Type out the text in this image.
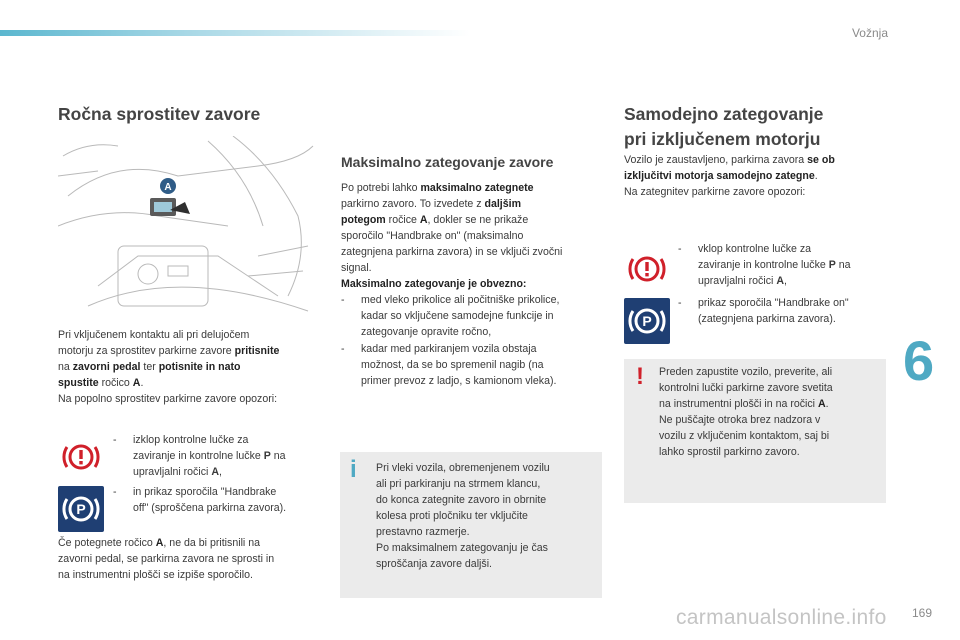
Vožnja
6
169
carmanualsonline.info
Ročna sprostitev zavore
A
Pri vključenem kontaktu ali pri delujočem
motorju za sprostitev parkirne zavore pritisnite
na zavorni pedal ter potisnite in nato
spustite ročico A.
Na popolno sprostitev parkirne zavore opozori:
- izklop kontrolne lučke za
zaviranje in kontrolne lučke P na
upravljalni ročici A,
P
- in prikaz sporočila "Handbrake
off" (sproščena parkirna zavora).
Če potegnete ročico A, ne da bi pritisnili na
zavorni pedal, se parkirna zavora ne sprosti in
na instrumentni plošči se izpiše sporočilo.
Maksimalno zategovanje zavore
Po potrebi lahko maksimalno zategnete
parkirno zavoro. To izvedete z daljšim
potegom ročice A, dokler se ne prikaže
sporočilo "Handbrake on" (maksimalno
zategnjena parkirna zavora) in se vključi zvočni
signal.
Maksimalno zategovanje je obvezno:
- med vleko prikolice ali počitniške prikolice,
kadar so vključene samodejne funkcije in
zategovanje opravite ročno,
- kadar med parkiranjem vozila obstaja
možnost, da se bo spremenil nagib (na
primer prevoz z ladjo, s kamionom vleka).
i Pri vleki vozila, obremenjenem vozilu
ali pri parkiranju na strmem klancu,
do konca zategnite zavoro in obrnite
kolesa proti pločniku ter vključite
prestavno razmerje.
Po maksimalnem zategovanju je čas
sproščanja zavore daljši.
Samodejno zategovanje
pri izključenem motorju
Vozilo je zaustavljeno, parkirna zavora se ob
izključitvi motorja samodejno zategne.
Na zategnitev parkirne zavore opozori:
- vklop kontrolne lučke za
zaviranje in kontrolne lučke P na
upravljalni ročici A,
P
- prikaz sporočila "Handbrake on"
(zategnjena parkirna zavora).
! Preden zapustite vozilo, preverite, ali
kontrolni lučki parkirne zavore svetita
na instrumentni plošči in na ročici A.
Ne puščajte otroka brez nadzora v
vozilu z vključenim kontaktom, saj bi
lahko sprostil parkirno zavoro.
